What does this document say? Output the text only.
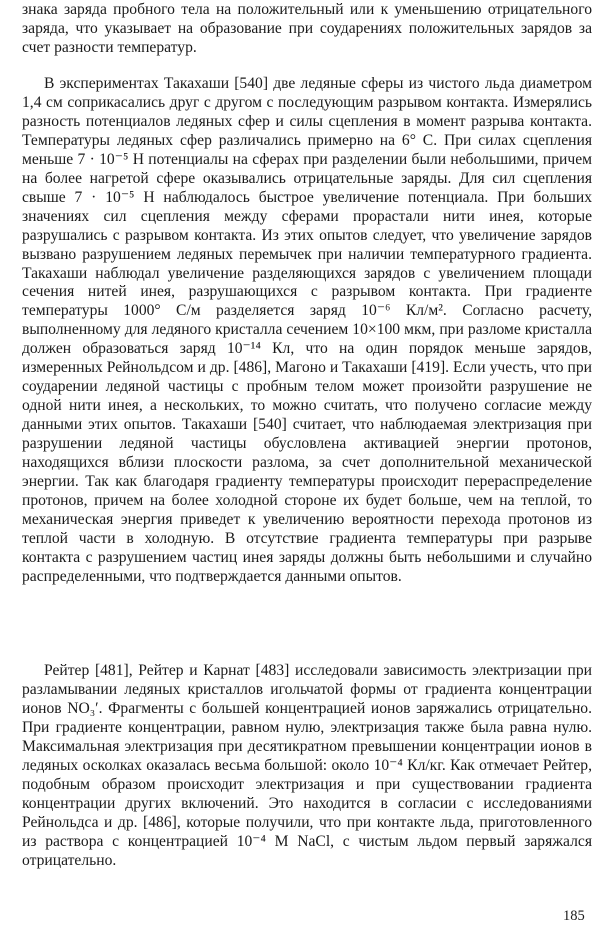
знака заряда пробного тела на положительный или к уменьшению отрицательного заряда, что указывает на образование при соударениях положительных зарядов за счет разности температур.

В экспериментах Такахаши [540] две ледяные сферы из чистого льда диаметром 1,4 см соприкасались друг с другом с последующим разрывом контакта. Измерялись разность потенциалов ледяных сфер и силы сцепления в момент разрыва контакта. Температуры ледяных сфер различались примерно на 6° С. При силах сцепления меньше 7 · 10⁻⁵ Н потенциалы на сферах при разделении были небольшими, причем на более нагретой сфере оказывались отрицательные заряды. Для сил сцепления свыше 7 · 10⁻⁵ Н наблюдалось быстрое увеличение потенциала. При больших значениях сил сцепления между сферами прорастали нити инея, которые разрушались с разрывом контакта. Из этих опытов следует, что увеличение зарядов вызвано разрушением ледяных перемычек при наличии температурного градиента. Такахаши наблюдал увеличение разделяющихся зарядов с увеличением площади сечения нитей инея, разрушающихся с разрывом контакта. При градиенте температуры 1000° С/м разделяется заряд 10⁻⁶ Кл/м². Согласно расчету, выполненному для ледяного кристалла сечением 10×100 мкм, при разломе кристалла должен образоваться заряд 10⁻¹⁴ Кл, что на один порядок меньше зарядов, измеренных Рейнольдсом и др. [486], Магоно и Такахаши [419]. Если учесть, что при соударении ледяной частицы с пробным телом может произойти разрушение не одной нити инея, а нескольких, то можно считать, что получено согласие между данными этих опытов. Такахаши [540] считает, что наблюдаемая электризация при разрушении ледяной частицы обусловлена активацией энергии протонов, находящихся вблизи плоскости разлома, за счет дополнительной механической энергии. Так как благодаря градиенту температуры происходит перераспределение протонов, причем на более холодной стороне их будет больше, чем на теплой, то механическая энергия приведет к увеличению вероятности перехода протонов из теплой части в холодную. В отсутствие градиента температуры при разрыве контакта с разрушением частиц инея заряды должны быть небольшими и случайно распределенными, что подтверждается данными опытов.

Рейтер [481], Рейтер и Карнат [483] исследовали зависимость электризации при разламывании ледяных кристаллов игольчатой формы от градиента концентрации ионов NO₃′. Фрагменты с большей концентрацией ионов заряжались отрицательно. При градиенте концентрации, равном нулю, электризация также была равна нулю. Максимальная электризация при десятикратном превышении концентрации ионов в ледяных осколках оказалась весьма большой: около 10⁻⁴ Кл/кг. Как отмечает Рейтер, подобным образом происходит электризация и при существовании градиента концентрации других включений. Это находится в согласии с исследованиями Рейнольдса и др. [486], которые получили, что при контакте льда, приготовленного из раствора с концентрацией 10⁻⁴ М NaCl, с чистым льдом первый заряжался отрицательно.

185
